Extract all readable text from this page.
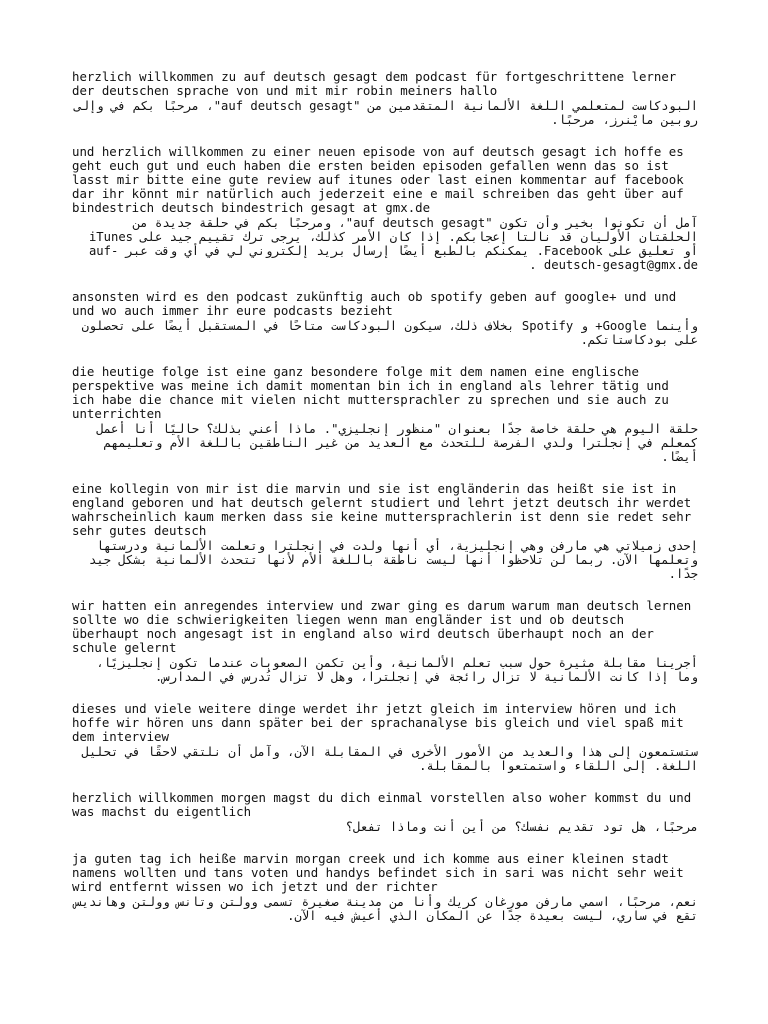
herzlich willkommen zu auf deutsch gesagt dem podcast für fortgeschrittene lerner der deutschen sprache von und mit mir robin meiners hallo
البودكاست لمتعلمي اللغة الألمانية المتقدمين من "auf deutsch gesagt"، مرحبًا بكم في وإلى روبين مايْنرز، مرحبًا.
und herzlich willkommen zu einer neuen episode von auf deutsch gesagt ich hoffe es geht euch gut und euch haben die ersten beiden episoden gefallen wenn das so ist lasst mir bitte eine gute review auf itunes oder last einen kommentar auf facebook dar ihr könnt mir natürlich auch jederzeit eine e mail schreiben das geht über auf bindestrich deutsch bindestrich gesagt at gmx.de
آمل أن تكونوا بخير وأن تكون "auf deutsch gesagt"، ومرحبًا بكم في حلقة جديدة من الحلقتان الأوليان قد نالتا إعجابكم. إذا كان الأمر كذلك، يرجى ترك تقييم جيد على iTunes أو تعليق على Facebook. يمكنكم بالطبع أيضًا إرسال بريد إلكتروني لي في أي وقت عبر auf-deutsch-gesagt@gmx.de .
ansonsten wird es den podcast zukünftig auch ob spotify geben auf google+ und und und wo auch immer ihr eure podcasts bezieht
وأينما Google+ و Spotify بخلاف ذلك، سيكون البودكاست متاحًا في المستقبل أيضًا على تحصلون على بودكاستاتكم.
die heutige folge ist eine ganz besondere folge mit dem namen eine englische perspektive was meine ich damit momentan bin ich in england als lehrer tätig und ich habe die chance mit vielen nicht muttersprachler zu sprechen und sie auch zu unterrichten
حلقة اليوم هي حلقة خاصة جدًا بعنوان "منظور إنجليزي". ماذا أعني بذلك؟ حاليًا أنا أعمل كمعلم في إنجلترا ولدي الفرصة للتحدث مع العديد من غير الناطقين باللغة الأم وتعليمهم أيضًا.
eine kollegin von mir ist die marvin und sie ist engländerin das heißt sie ist in england geboren und hat deutsch gelernt studiert und lehrt jetzt deutsch ihr werdet wahrscheinlich kaum merken dass sie keine muttersprachlerin ist denn sie redet sehr sehr gutes deutsch
إحدى زميلاتي هي مارفن وهي إنجليزية، أي أنها ولدت في إنجلترا وتعلمت الألمانية ودرستها وتعلمها الآن. ربما لن تلاحظوا أنها ليست ناطقة باللغة الأم لأنها تتحدث الألمانية بشكل جيد جدًا.
wir hatten ein anregendes interview und zwar ging es darum warum man deutsch lernen sollte wo die schwierigkeiten liegen wenn man engländer ist und ob deutsch überhaupt noch angesagt ist in england also wird deutsch überhaupt noch an der schule gelernt
أجرينا مقابلة مثيرة حول سبب تعلم الألمانية، وأين تكمن الصعوبات عندما تكون إنجليزيًا، وما إذا كانت الألمانية لا تزال رائجة في إنجلترا، وهل لا تزال تُدرس في المدارس.
dieses und viele weitere dinge werdet ihr jetzt gleich im interview hören und ich hoffe wir hören uns dann später bei der sprachanalyse bis gleich und viel spaß mit dem interview
ستستمعون إلى هذا والعديد من الأمور الأخرى في المقابلة الآن، وآمل أن نلتقي لاحقًا في تحليل اللغة. إلى اللقاء واستمتعوا بالمقابلة.
herzlich willkommen morgen magst du dich einmal vorstellen also woher kommst du und was machst du eigentlich
مرحبًا، هل تود تقديم نفسك؟ من أين أنت وماذا تفعل؟
ja guten tag ich heiße marvin morgan creek und ich komme aus einer kleinen stadt namens wollten und tans voten und handys befindet sich in sari was nicht sehr weit wird entfernt wissen wo ich jetzt und der richter
نعم، مرحبًا، اسمي مارفن مورغان كريك وأنا من مدينة صغيرة تسمى وولتن وتانس وولتن وهانديس تقع في ساري، ليست بعيدة جدًا عن المكان الذي أعيش فيه الآن.
